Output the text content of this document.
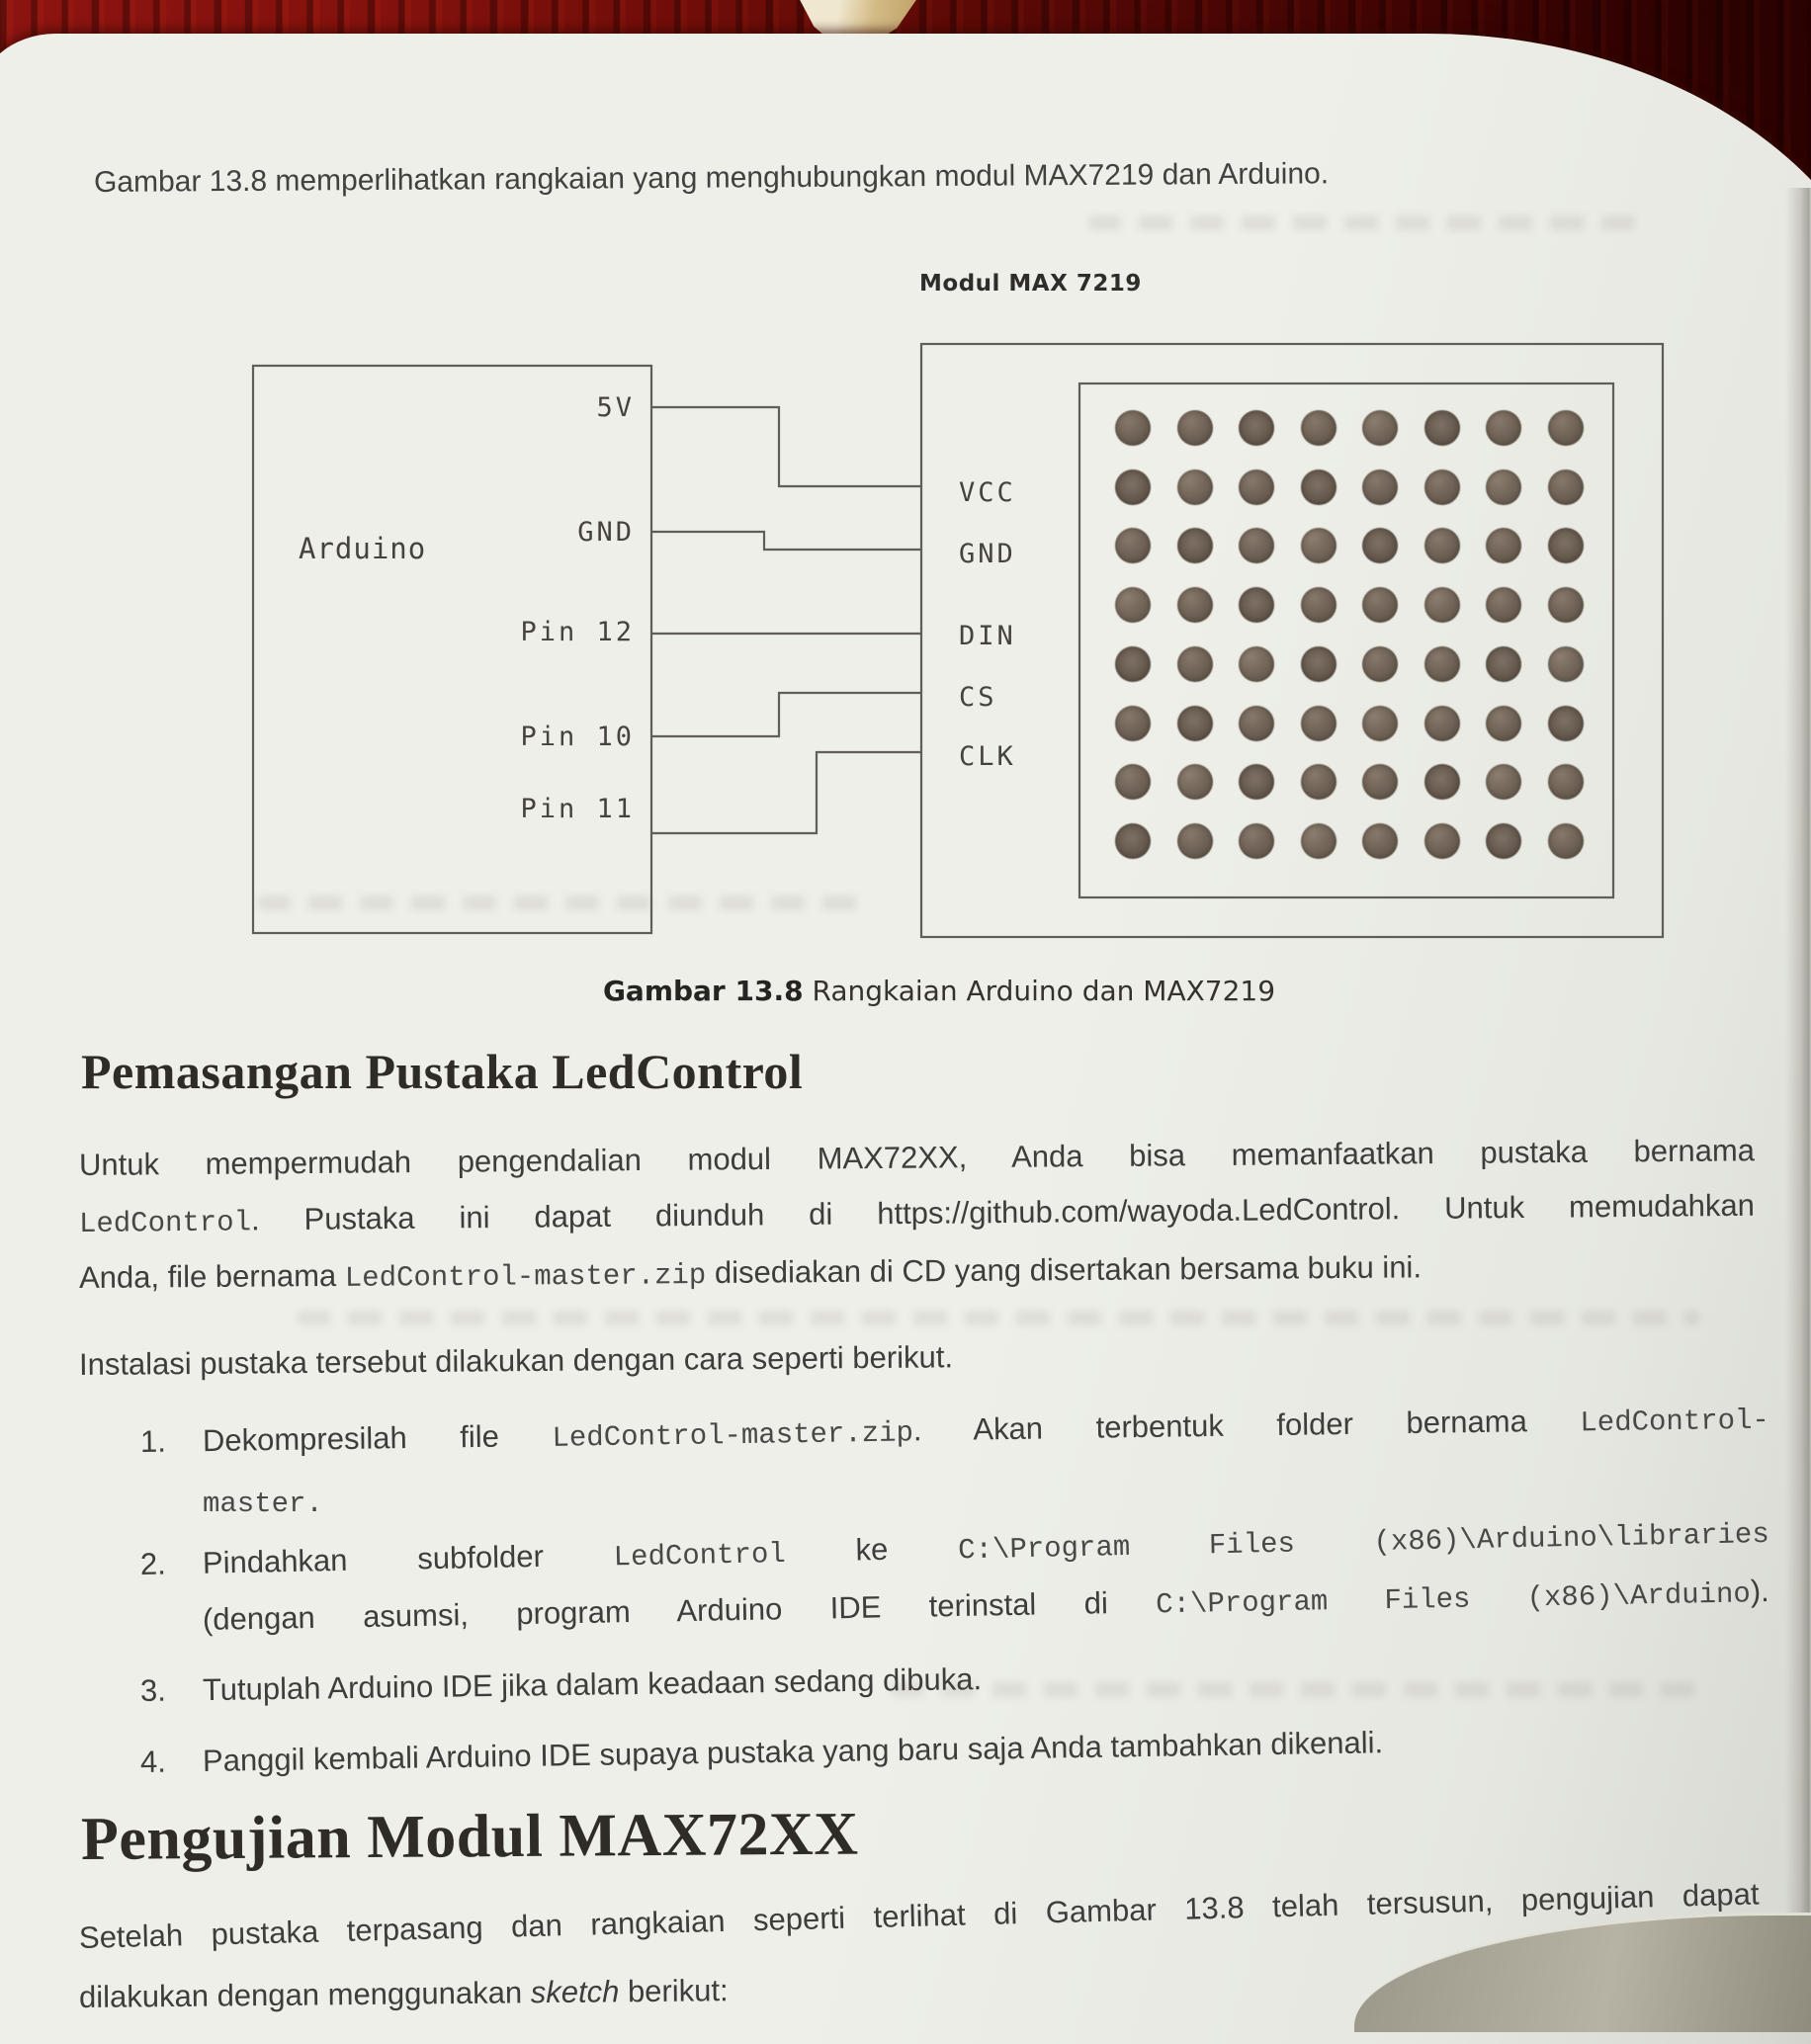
Gambar 13.8 memperlihatkan rangkaian yang menghubungkan modul MAX7219 dan Arduino.
Modul MAX 7219
Arduino
5V
GND
Pin 12
Pin 10
Pin 11
VCC
GND
DIN
CS
CLK
Gambar 13.8 Rangkaian Arduino dan MAX7219
Pemasangan Pustaka LedControl
Untuk mempermudah pengendalian modul MAX72XX, Anda bisa memanfaatkan pustaka bernama
LedControl. Pustaka ini dapat diunduh di https://github.com/wayoda.LedControl. Untuk memudahkan
Anda, file bernama LedControl-master.zip disediakan di CD yang disertakan bersama buku ini.
Instalasi pustaka tersebut dilakukan dengan cara seperti berikut.
1.	Dekompresilah file LedControl-master.zip. Akan terbentuk folder bernama LedControl-
master.
2.	Pindahkan subfolder LedControl ke C:\Program Files (x86)\Arduino\libraries
(dengan asumsi, program Arduino IDE terinstal di C:\Program Files (x86)\Arduino).
3.	Tutuplah Arduino IDE jika dalam keadaan sedang dibuka.
4.	Panggil kembali Arduino IDE supaya pustaka yang baru saja Anda tambahkan dikenali.
Pengujian Modul MAX72XX
Setelah pustaka terpasang dan rangkaian seperti terlihat di Gambar 13.8 telah tersusun, pengujian dapat
dilakukan dengan menggunakan sketch berikut:
